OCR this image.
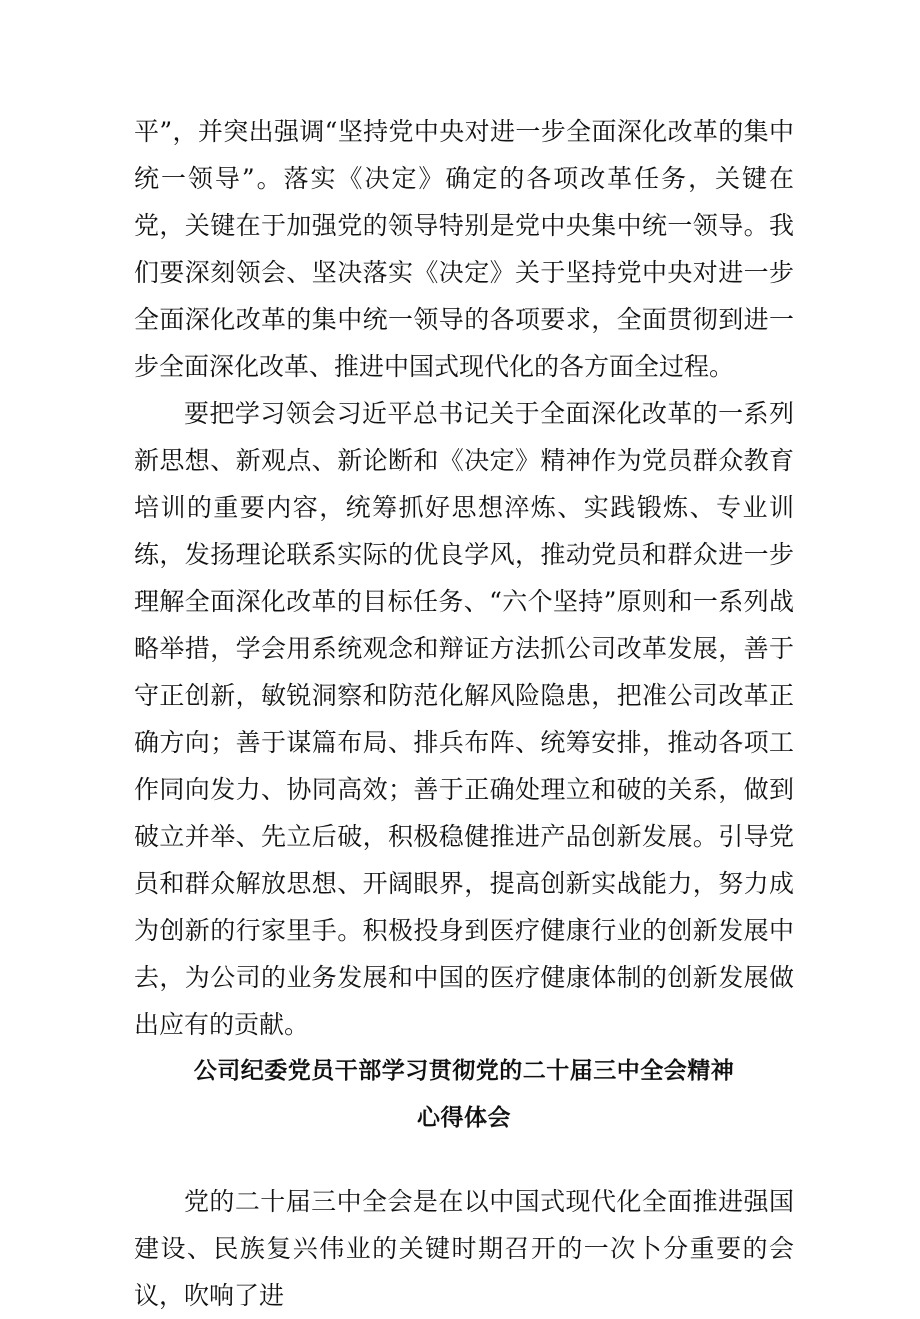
平”，并突出强调“坚持党中央对进一步全面深化改革的集中统一领导”。落实《决定》确定的各项改革任务，关键在党，关键在于加强党的领导特别是党中央集中统一领导。我们要深刻领会、坚决落实《决定》关于坚持党中央对进一步全面深化改革的集中统一领导的各项要求，全面贯彻到进一步全面深化改革、推进中国式现代化的各方面全过程。

要把学习领会习近平总书记关于全面深化改革的一系列新思想、新观点、新论断和《决定》精神作为党员群众教育培训的重要内容，统筹抓好思想淬炼、实践锻炼、专业训练，发扬理论联系实际的优良学风，推动党员和群众进一步理解全面深化改革的目标任务、“六个坚持”原则和一系列战略举措，学会用系统观念和辩证方法抓公司改革发展，善于守正创新，敏锐洞察和防范化解风险隐患，把准公司改革正确方向；善于谋篇布局、排兵布阵、统筹安排，推动各项工作同向发力、协同高效；善于正确处理立和破的关系，做到破立并举、先立后破，积极稳健推进产品创新发展。引导党员和群众解放思想、开阔眼界，提高创新实战能力，努力成为创新的行家里手。积极投身到医疗健康行业的创新发展中去，为公司的业务发展和中国的医疗健康体制的创新发展做出应有的贡献。

公司纪委党员干部学习贯彻党的二十届三中全会精神

心得体会

党的二十届三中全会是在以中国式现代化全面推进强国建设、民族复兴伟业的关键时期召开的一次卜分重要的会议，吹响了进
